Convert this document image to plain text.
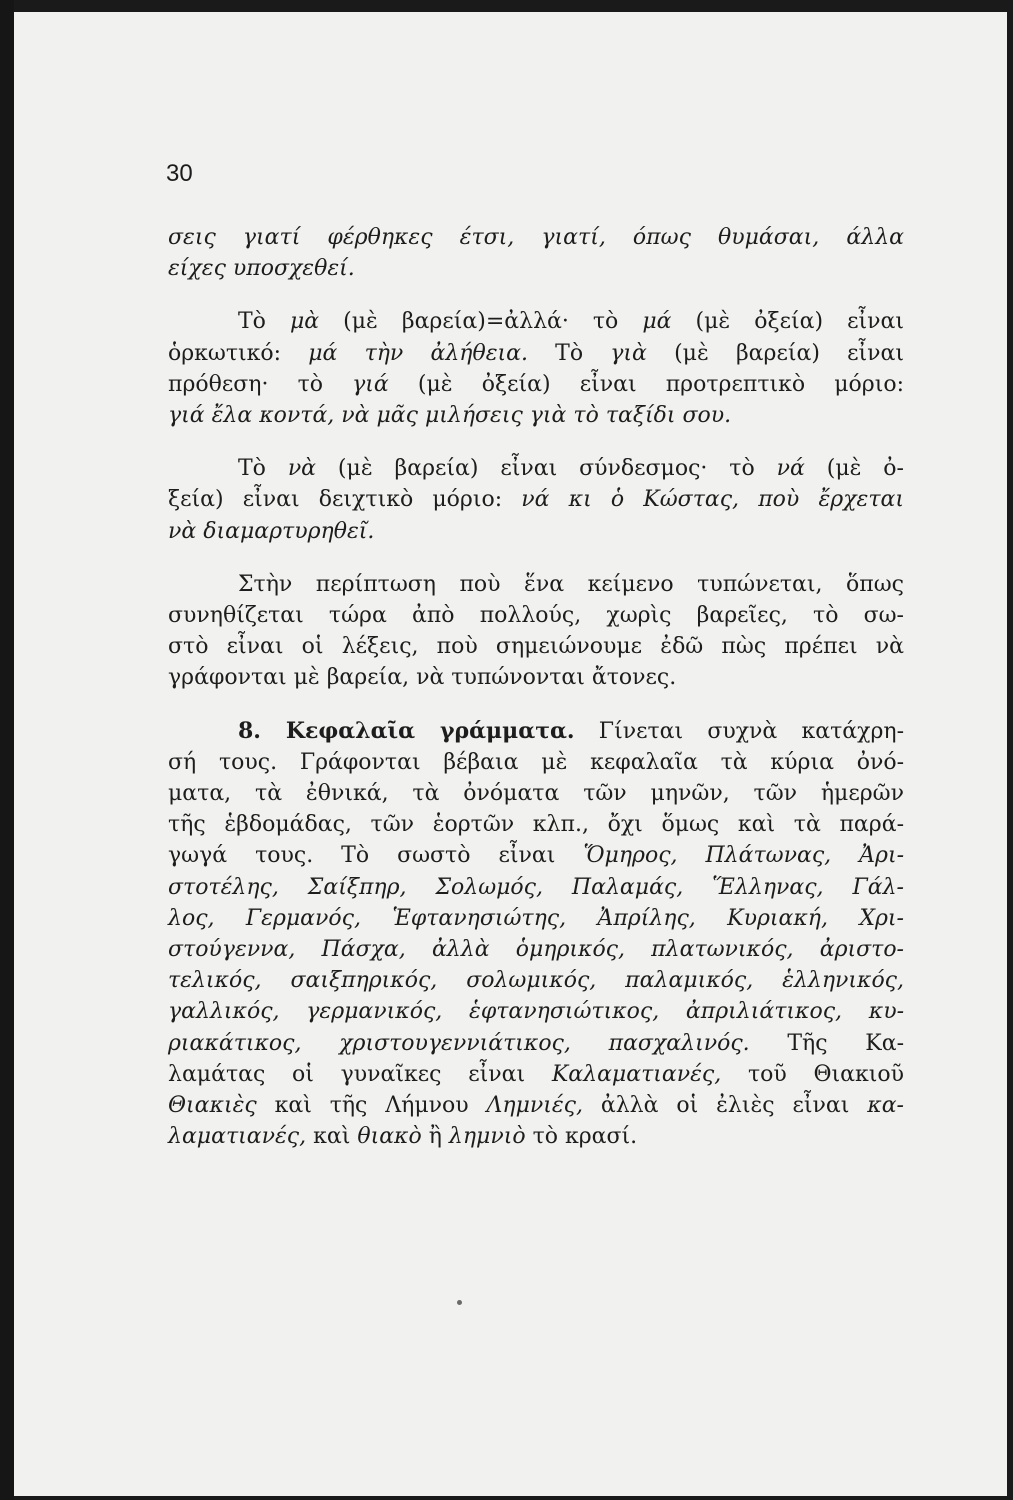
30
σεις γιατί φέρθηκες έτσι, γιατί, όπως θυμάσαι, άλλα
είχες υποσχεθεί.
Τὸ μὰ (μὲ βαρεία)=ἀλλά· τὸ μά (μὲ ὀξεία) εἶναι
ὁρκωτικό: μά τὴν ἀλήθεια. Τὸ γιὰ (μὲ βαρεία) εἶναι
πρόθεση· τὸ γιά (μὲ ὀξεία) εἶναι προτρεπτικὸ μόριο:
γιά ἔλα κοντά, νὰ μᾶς μιλήσεις γιὰ τὸ ταξίδι σου.
Τὸ νὰ (μὲ βαρεία) εἶναι σύνδεσμος· τὸ νά (μὲ ὀ-
ξεία) εἶναι δειχτικὸ μόριο: νά κι ὁ Κώστας, ποὺ ἔρχεται
νὰ διαμαρτυρηθεῖ.
Στὴν περίπτωση ποὺ ἕνα κείμενο τυπώνεται, ὅπως
συνηθίζεται τώρα ἀπὸ πολλούς, χωρὶς βαρεῖες, τὸ σω-
στὸ εἶναι οἱ λέξεις, ποὺ σημειώνουμε ἐδῶ πὼς πρέπει νὰ
γράφονται μὲ βαρεία, νὰ τυπώνονται ἄτονες.
8. Κεφαλαῖα γράμματα. Γίνεται συχνὰ κατάχρη-
σή τους. Γράφονται βέβαια μὲ κεφαλαῖα τὰ κύρια ὀνό-
ματα, τὰ ἐθνικά, τὰ ὀνόματα τῶν μηνῶν, τῶν ἡμερῶν
τῆς ἑβδομάδας, τῶν ἑορτῶν κλπ., ὄχι ὅμως καὶ τὰ παρά-
γωγά τους. Τὸ σωστὸ εἶναι Ὅμηρος, Πλάτωνας, Ἀρι-
στοτέλης, Σαίξπηρ, Σολωμός, Παλαμάς, Ἕλληνας, Γάλ-
λος, Γερμανός, Ἑφτανησιώτης, Ἀπρίλης, Κυριακή, Χρι-
στούγεννα, Πάσχα, ἀλλὰ ὁμηρικός, πλατωνικός, ἀριστο-
τελικός, σαιξπηρικός, σολωμικός, παλαμικός, ἑλληνικός,
γαλλικός, γερμανικός, ἑφτανησιώτικος, ἀπριλιάτικος, κυ-
ριακάτικος, χριστουγεννιάτικος, πασχαλινός. Τῆς Κα-
λαμάτας οἱ γυναῖκες εἶναι Καλαματιανές, τοῦ Θιακιοῦ
Θιακιὲς καὶ τῆς Λήμνου Λημνιές, ἀλλὰ οἱ ἐλιὲς εἶναι κα-
λαματιανές, καὶ θιακὸ ἢ λημνιὸ τὸ κρασί.
